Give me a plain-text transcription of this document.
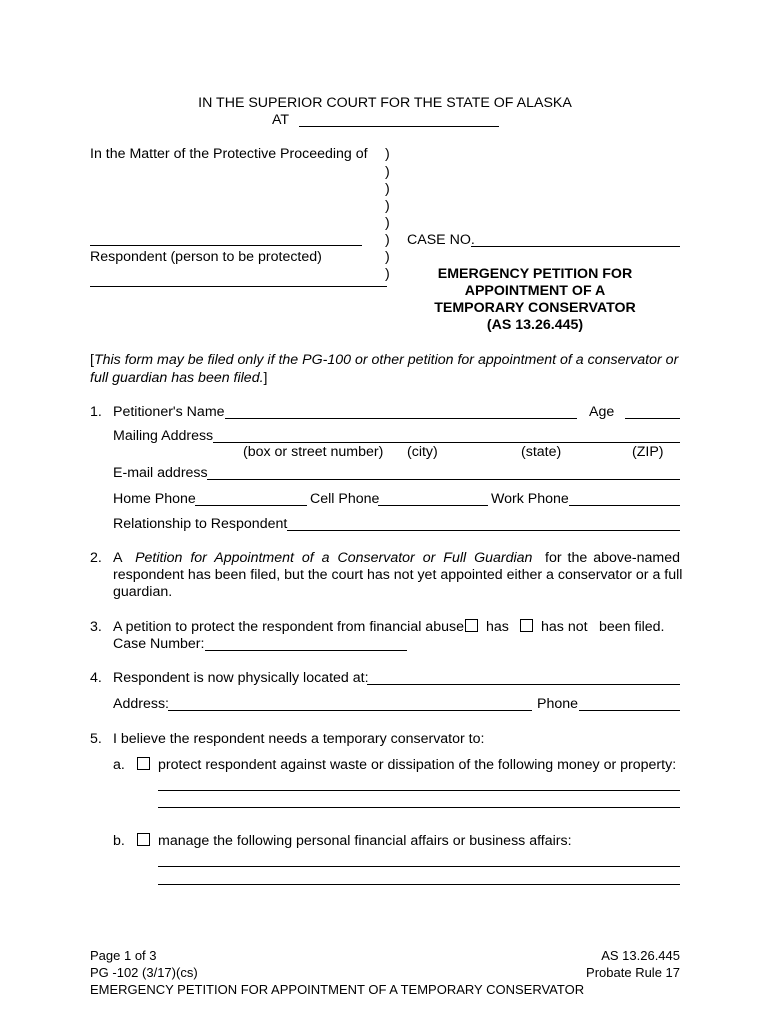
IN THE SUPERIOR COURT FOR THE STATE OF ALASKA
AT
In the Matter of the Protective Proceeding of )
)
)
)
)
)
)
)
Respondent (person to be protected)
CASE NO.
EMERGENCY PETITION FOR
APPOINTMENT OF A
TEMPORARY CONSERVATOR
(AS 13.26.445)
[This form may be filed only if the PG-100 or other petition for appointment of a conservator or
full guardian has been filed.]
1. Petitioner's Name	Age
Mailing Address
(box or street number) (city)	(state)	(ZIP)
E-mail address
Home Phone	Cell Phone	Work Phone
Relationship to Respondent
2. A Petition for Appointment of a Conservator or Full Guardian for the above-named
respondent has been filed, but the court has not yet appointed either a conservator or a full
guardian.
3. A petition to protect the respondent from financial abuse has has not been filed.
Case Number:
4. Respondent is now physically located at:
Address:	Phone
5. I believe the respondent needs a temporary conservator to:
a. protect respondent against waste or dissipation of the following money or property:
b. manage the following personal financial affairs or business affairs:
Page 1 of 3
PG -102 (3/17)(cs)
EMERGENCY PETITION FOR APPOINTMENT OF A TEMPORARY CONSERVATOR
AS 13.26.445
Probate Rule 17
